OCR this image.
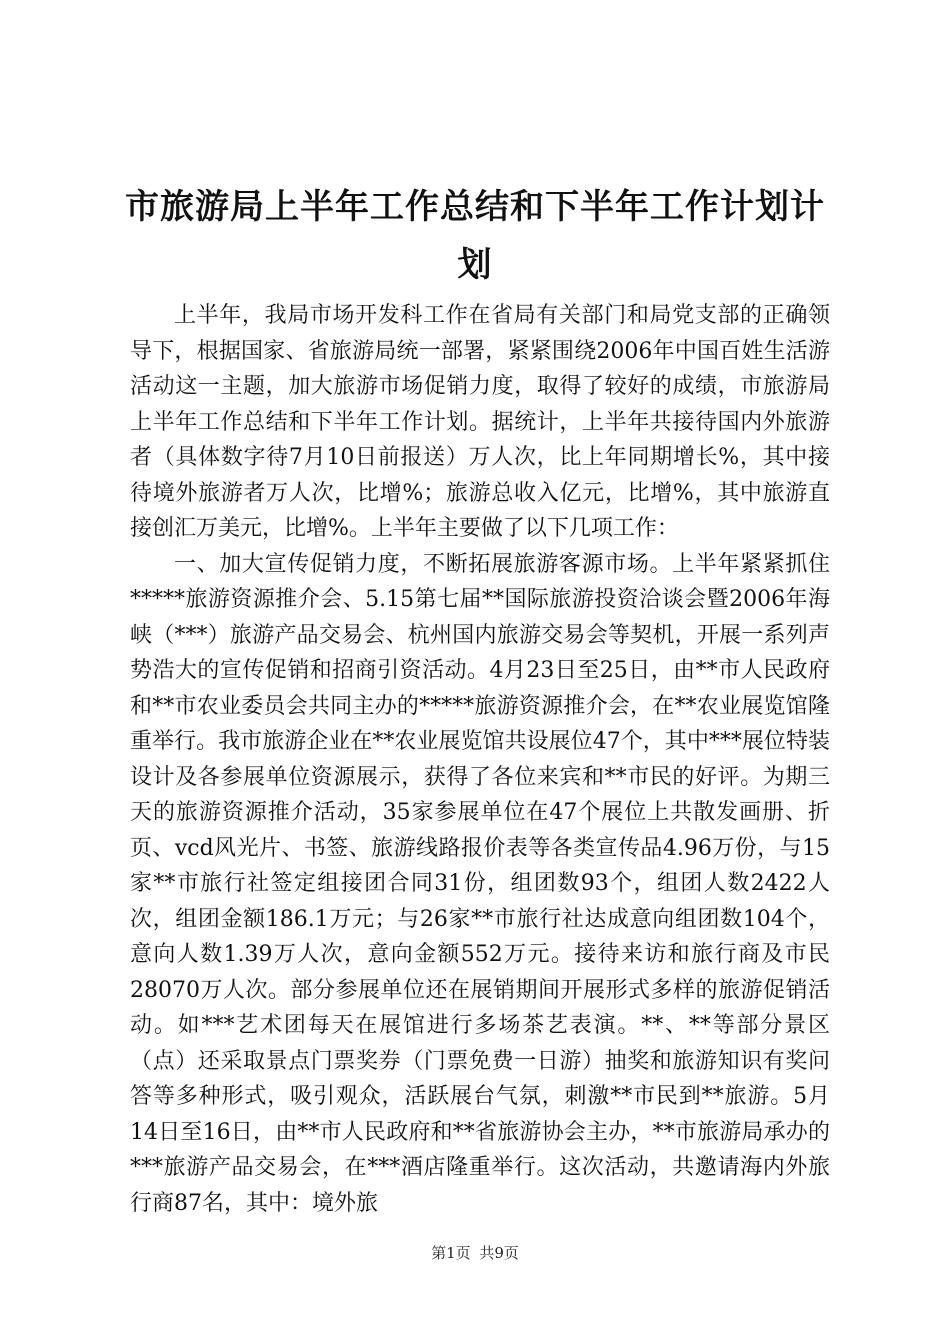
市旅游局上半年工作总结和下半年工作计划计划

上半年，我局市场开发科工作在省局有关部门和局党支部的正确领导下，根据国家、省旅游局统一部署，紧紧围绕2006年中国百姓生活游活动这一主题，加大旅游市场促销力度，取得了较好的成绩，市旅游局上半年工作总结和下半年工作计划。据统计，上半年共接待国内外旅游者（具体数字待7月10日前报送）万人次，比上年同期增长%，其中接待境外旅游者万人次，比增%；旅游总收入亿元，比增%，其中旅游直接创汇万美元，比增%。上半年主要做了以下几项工作：

一、加大宣传促销力度，不断拓展旅游客源市场。上半年紧紧抓住*****旅游资源推介会、5.15第七届**国际旅游投资洽谈会暨2006年海峡（***）旅游产品交易会、杭州国内旅游交易会等契机，开展一系列声势浩大的宣传促销和招商引资活动。4月23日至25日，由**市人民政府和**市农业委员会共同主办的*****旅游资源推介会，在**农业展览馆隆重举行。我市旅游企业在**农业展览馆共设展位47个，其中***展位特装设计及各参展单位资源展示，获得了各位来宾和**市民的好评。为期三天的旅游资源推介活动，35家参展单位在47个展位上共散发画册、折页、vcd风光片、书签、旅游线路报价表等各类宣传品4.96万份，与15家**市旅行社签定组接团合同31份，组团数93个，组团人数2422人次，组团金额186.1万元；与26家**市旅行社达成意向组团数104个，意向人数1.39万人次，意向金额552万元。接待来访和旅行商及市民28070万人次。部分参展单位还在展销期间开展形式多样的旅游促销活动。如***艺术团每天在展馆进行多场茶艺表演。**、**等部分景区（点）还采取景点门票奖券（门票免费一日游）抽奖和旅游知识有奖问答等多种形式，吸引观众，活跃展台气氛，刺激**市民到**旅游。5月14日至16日，由**市人民政府和**省旅游协会主办，**市旅游局承办的***旅游产品交易会，在***酒店隆重举行。这次活动，共邀请海内外旅行商87名，其中：境外旅

第1页 共9页
